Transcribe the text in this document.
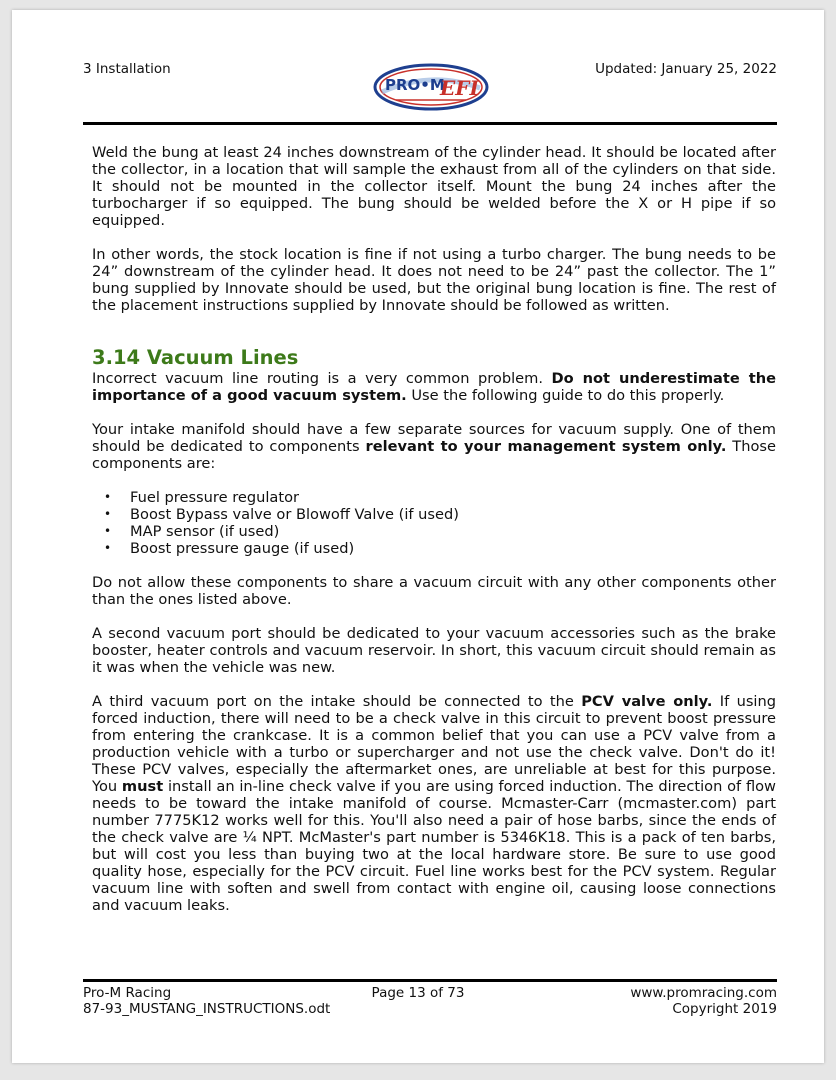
3 Installation
PRO•M
EFI
Updated: January 25, 2022

Weld the bung at least 24 inches downstream of the cylinder head. It should be located after the collector, in a location that will sample the exhaust from all of the cylinders on that side. It should not be mounted in the collector itself. Mount the bung 24 inches after the turbocharger if so equipped. The bung should be welded before the X or H pipe if so equipped.

In other words, the stock location is fine if not using a turbo charger. The bung needs to be 24” downstream of the cylinder head. It does not need to be 24” past the collector. The 1” bung supplied by Innovate should be used, but the original bung location is fine. The rest of the placement instructions supplied by Innovate should be followed as written.

3.14 Vacuum Lines

Incorrect vacuum line routing is a very common problem. Do not underestimate the importance of a good vacuum system. Use the following guide to do this properly.

Your intake manifold should have a few separate sources for vacuum supply. One of them should be dedicated to components relevant to your management system only. Those components are:

• Fuel pressure regulator
• Boost Bypass valve or Blowoff Valve (if used)
• MAP sensor (if used)
• Boost pressure gauge (if used)

Do not allow these components to share a vacuum circuit with any other components other than the ones listed above.

A second vacuum port should be dedicated to your vacuum accessories such as the brake booster, heater controls and vacuum reservoir. In short, this vacuum circuit should remain as it was when the vehicle was new.

A third vacuum port on the intake should be connected to the PCV valve only. If using forced induction, there will need to be a check valve in this circuit to prevent boost pressure from entering the crankcase. It is a common belief that you can use a PCV valve from a production vehicle with a turbo or supercharger and not use the check valve. Don't do it! These PCV valves, especially the aftermarket ones, are unreliable at best for this purpose. You must install an in-line check valve if you are using forced induction. The direction of flow needs to be toward the intake manifold of course. Mcmaster-Carr (mcmaster.com) part number 7775K12 works well for this. You'll also need a pair of hose barbs, since the ends of the check valve are ¼ NPT. McMaster's part number is 5346K18. This is a pack of ten barbs, but will cost you less than buying two at the local hardware store. Be sure to use good quality hose, especially for the PCV circuit. Fuel line works best for the PCV system. Regular vacuum line with soften and swell from contact with engine oil, causing loose connections and vacuum leaks.

Pro-M Racing
87-93_MUSTANG_INSTRUCTIONS.odt
Page 13 of 73	www.promracing.com
Copyright 2019
